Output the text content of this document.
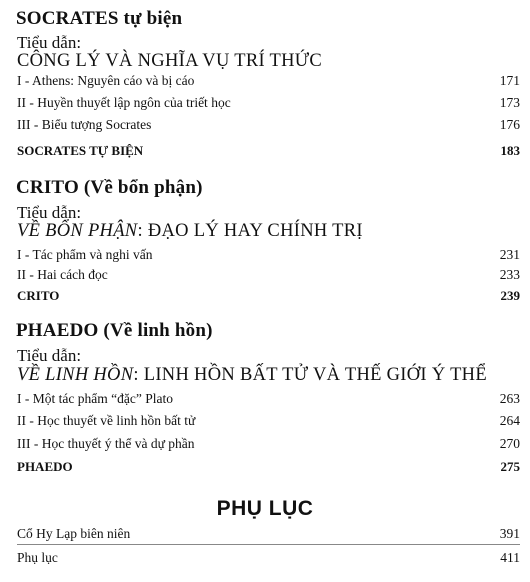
SOCRATES tự biện
Tiểu dẫn:
CÔNG LÝ VÀ NGHĨA VỤ TRÍ THỨC
I - Athens: Nguyên cáo và bị cáo	171
II - Huyền thuyết lập ngôn của triết học	173
III - Biểu tượng Socrates	176
SOCRATES TỰ BIỆN	183
CRITO (Về bổn phận)
Tiểu dẫn:
VỀ BỔN PHẬN: ĐẠO LÝ HAY CHÍNH TRỊ
I - Tác phẩm và nghi vấn	231
II - Hai cách đọc	233
CRITO	239
PHAEDO (Về linh hồn)
Tiểu dẫn:
VỀ LINH HỒN: LINH HỒN BẤT TỬ VÀ THẾ GIỚI Ý THỂ
I - Một tác phẩm “đặc” Plato	263
II - Học thuyết về linh hồn bất tử	264
III - Học thuyết ý thể và dự phần	270
PHAEDO	275
PHỤ LỤC
Cổ Hy Lạp biên niên	391
Phụ lục	411
